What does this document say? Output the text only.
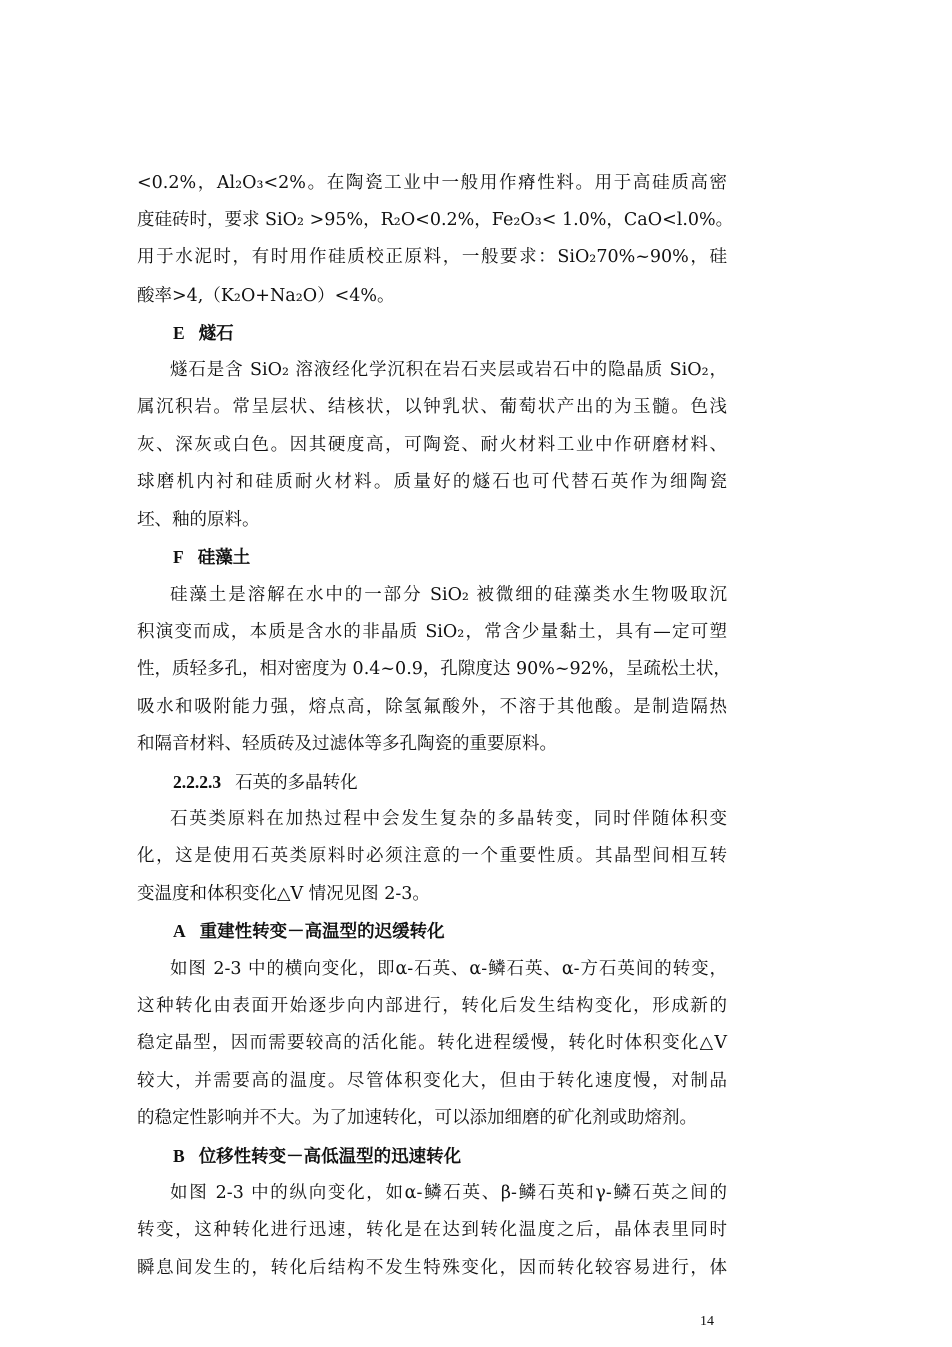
<0.2%，Al₂O₃<2%。在陶瓷工业中一般用作瘠性料。用于高硅质高密
度硅砖时，要求 SiO₂ >95%，R₂O<0.2%，Fe₂O₃< 1.0%，CaO<l.0%。
用于水泥时，有时用作硅质校正原料，一般要求：SiO₂70%~90%，硅
酸率>4,（K₂O+Na₂O）<4%。
E 燧石
燧石是含 SiO₂ 溶液经化学沉积在岩石夹层或岩石中的隐晶质 SiO₂，
属沉积岩。常呈层状、结核状，以钟乳状、葡萄状产出的为玉髓。色浅
灰、深灰或白色。因其硬度高，可陶瓷、耐火材料工业中作研磨材料、
球磨机内衬和硅质耐火材料。质量好的燧石也可代替石英作为细陶瓷
坯、釉的原料。
F 硅藻土
硅藻土是溶解在水中的一部分 SiO₂ 被微细的硅藻类水生物吸取沉
积演变而成，本质是含水的非晶质 SiO₂，常含少量黏土，具有—定可塑
性，质轻多孔，相对密度为 0.4~0.9，孔隙度达 90%~92%，呈疏松土状，
吸水和吸附能力强，熔点高，除氢氟酸外，不溶于其他酸。是制造隔热
和隔音材料、轻质砖及过滤体等多孔陶瓷的重要原料。
2.2.2.3 石英的多晶转化
石英类原料在加热过程中会发生复杂的多晶转变，同时伴随体积变
化，这是使用石英类原料时必须注意的一个重要性质。其晶型间相互转
变温度和体积变化△V 情况见图 2-3。
A 重建性转变－高温型的迟缓转化
如图 2-3 中的横向变化，即α-石英、α-鳞石英、α-方石英间的转变，
这种转化由表面开始逐步向内部进行，转化后发生结构变化，形成新的
稳定晶型，因而需要较高的活化能。转化进程缓慢，转化时体积变化△V
较大，并需要高的温度。尽管体积变化大，但由于转化速度慢，对制品
的稳定性影响并不大。为了加速转化，可以添加细磨的矿化剂或助熔剂。
B 位移性转变－高低温型的迅速转化
如图 2-3 中的纵向变化，如α-鳞石英、β-鳞石英和γ-鳞石英之间的
转变，这种转化进行迅速，转化是在达到转化温度之后，晶体表里同时
瞬息间发生的，转化后结构不发生特殊变化，因而转化较容易进行，体
14
